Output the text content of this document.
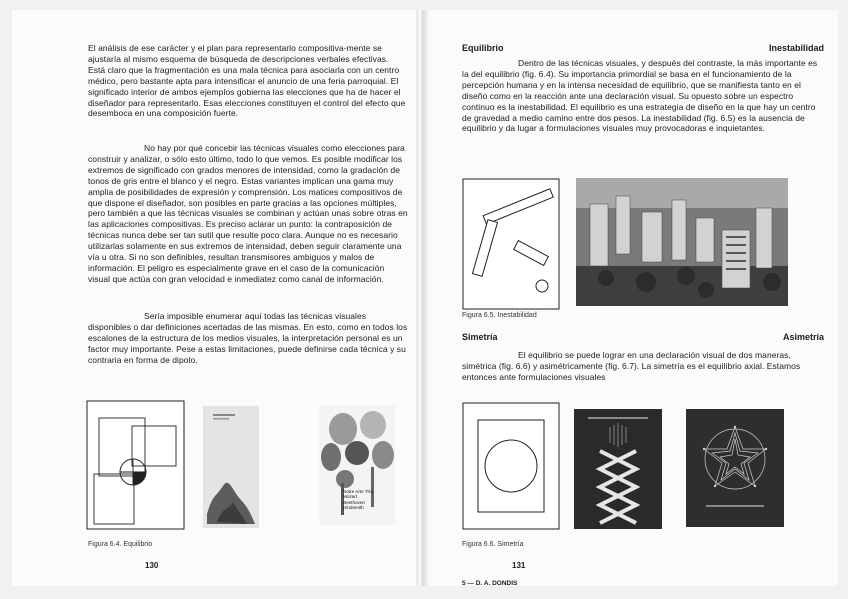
El análisis de ese carácter y el plan para representarlo compositiva-mente se ajustaría al mismo esquema de búsqueda de descripciones verbales efectivas. Está claro que la fragmentación es una mala técnica para asociarla con un centro médico, pero bastante apta para intensificar el anuncio de una feria parroquial. El significado interior de ambos ejemplos gobierna las elecciones que ha de hacer el diseñador para representarlo. Esas elecciones constituyen el control del efecto que desemboca en una composición fuerte.

No hay por qué concebir las técnicas visuales como elecciones para construir y analizar, o sólo esto último, todo lo que vemos. Es posible modificar los extremos de significado con grados menores de intensidad, como la gradación de tonos de gris entre el blanco y el negro. Estas variantes implican una gama muy amplia de posibilidades de expresión y comprensión. Los matices compositivos de que dispone el diseñador, son posibles en parte gracias a las opciones múltiples, pero también a que las técnicas visuales se combinan y actúan unas sobre otras en las aplicaciones compositivas. Es preciso aclarar un punto: la contraposición de técnicas nunca debe ser tan sutil que resulte poco clara. Aunque no es necesario utilizarlas solamente en sus extremos de intensidad, deben seguir claramente una vía u otra. Si no son definibles, resultan transmisores ambiguos y malos de información. El peligro es especialmente grave en el caso de la comunicación visual que actúa con gran velocidad e inmediatez como canal de información.

Sería imposible enumerar aquí todas las técnicas visuales disponibles o dar definiciones acertadas de las mismas. En esto, como en todos los escalones de la estructura de los medios visuales, la interpretación personal es un factor muy importante. Pese a estas limitaciones, puede definirse cada técnica y su contraria en forma de dipolo.

Notre Arte Trío
Mozart
Beethoven
Hindemith
Figura 6.4. Equilibrio
130
Equilibrio	Inestabilidad

Dentro de las técnicas visuales, y después del contraste, la más importante es la del equilibrio (fig. 6.4). Su importancia primordial se basa en el funcionamiento de la percepción humana y en la intensa necesidad de equilibrio, que se manifiesta tanto en el diseño como en la reacción ante una declaración visual. Su opuesto sobre un espectro continuo es la inestabilidad. El equilibrio es una estrategia de diseño en la que hay un centro de gravedad a medio camino entre dos pesos. La inestabilidad (fig. 6.5) es la ausencia de equilibrio y da lugar a formulaciones visuales muy provocadoras e inquietantes.

Figura 6.5. Inestabilidad
Simetría	Asimetría

El equilibrio se puede lograr en una declaración visual de dos maneras, simétrica (fig. 6.6) y asimétricamente (fig. 6.7). La simetría es el equilibrio axial. Estamos entonces ante formulaciones visuales

Figura 6.6. Simetría
131
5 — D. A. DONDIS
